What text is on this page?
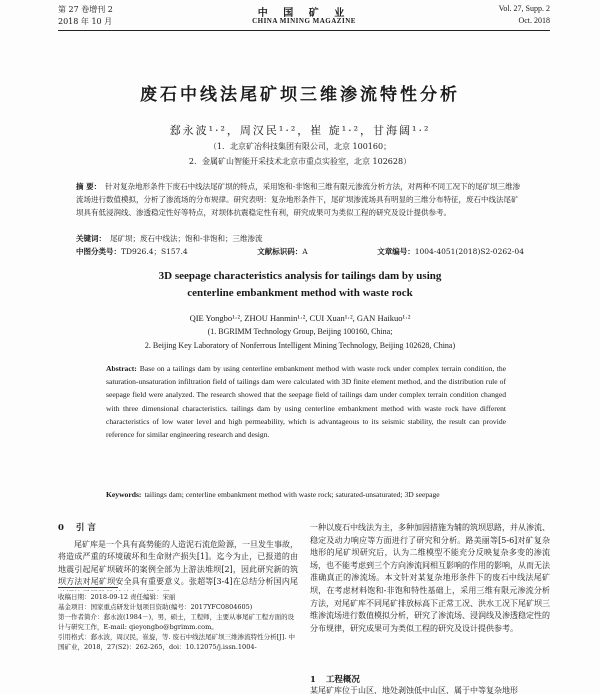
第 27 卷增刊 2
2018 年 10 月
中 国 矿 业
CHINA MINING MAGAZINE
Vol. 27, Supp. 2
Oct. 2018
废石中线法尾矿坝三维渗流特性分析
郄永波¹·²，周汉民¹·²，崔 旋¹·²，甘海阔¹·²
（1．北京矿冶科技集团有限公司，北京 100160；
2．金属矿山智能开采技术北京市重点实验室，北京 102628）
摘 要： 针对复杂地形条件下废石中线法尾矿坝的特点，采用饱和-非饱和三维有限元渗流分析方法，对两种不同工况下的尾矿坝三维渗流场进行数值模拟，分析了渗流场的分布规律。研究表明：复杂地形条件下，尾矿坝渗流场具有明显的三维分布特征，废石中线法尾矿坝具有低浸润线、渗透稳定性好等特点，对坝体抗震稳定性有利，研究成果可为类似工程的研究及设计提供参考。
关键词： 尾矿坝；废石中线法；饱和-非饱和；三维渗流
中图分类号：TD926.4；S157.4	文献标识码：A	文章编号：1004-4051(2018)S2-0262-04
3D seepage characteristics analysis for tailings dam by using
centerline embankment method with waste rock
QIE Yongbo¹·², ZHOU Hanmin¹·², CUI Xuan¹·², GAN Haikuo¹·²
(1. BGRIMM Technology Group, Beijing 100160, China;
2. Beijing Key Laboratory of Nonferrous Intelligent Mining Technology, Beijing 102628, China)
Abstract: Base on a tailings dam by using centerline embankment method with waste rock under complex terrain condition, the saturation-unsaturation infiltration field of tailings dam were calculated with 3D finite element method, and the distribution rule of seepage field were analyzed. The research showed that the seepage field of tailings dam under complex terrain condition changed with three dimensional characteristics. tailings dam by using centerline embankment method with waste rock have different characteristics of low water level and high permeability, which is advantageous to its seismic stability, the result can provide reference for similar engineering research and design.
Keywords: tailings dam; centerline embankment method with waste rock; saturated-unsaturated; 3D seepage
0 引 言
尾矿库是一个具有高势能的人造泥石流危险源，一旦发生事故，将造成严重的环境破坏和生命财产损失[1]。迄今为止，已报道的由地震引起尾矿坝破坏的案例全部为上游法堆坝[2]，因此研究新的筑坝方法对尾矿坝安全具有重要意义。张超等[3-4]在总结分析国内尾
收稿日期：2018-09-12 责任编辑：宋丽
基金项目：国家重点研发计划项目资助(编号：2017YFC0804605)
第一作者简介：郄永波(1984－)，男，硕士，工程师，主要从事尾矿工程方面的设计与研究工作，E-mail: qieyongbo@bgrimm.com。
引用格式：郄永波，周汉民，崔旋，等. 废石中线法尾矿坝三维渗流特性分析[J]. 中国矿业，2018，27(S2)：262-265，doi：10.12075/j.issn.1004-
一种以废石中线法为主，多种加固措施为辅的筑坝思路，并从渗流、稳定及动力响应等方面进行了研究和分析。路美丽等[5-6]对矿复杂地形的尾矿坝研究后，认为二维模型不能充分反映复杂多变的渗流场，也不能考虑到三个方向渗流间相互影响的作用的影响，从而无法准确真正的渗流场。本文针对某复杂地形条件下的废石中线法尾矿坝，在考虑材料饱和-非饱和特性基础上，采用三维有限元渗流分析方法，对尾矿库不同尾矿排放标高下正常工况、洪水工况下尾矿坝三维渗流场进行数值模拟分析，研究了渗流场、浸润线及渗透稳定性的分布规律，研究成果可为类似工程的研究及设计提供参考。
1 工程概况
某尾矿库位于山区，地处剥蚀低中山区，属于中等复杂地形
